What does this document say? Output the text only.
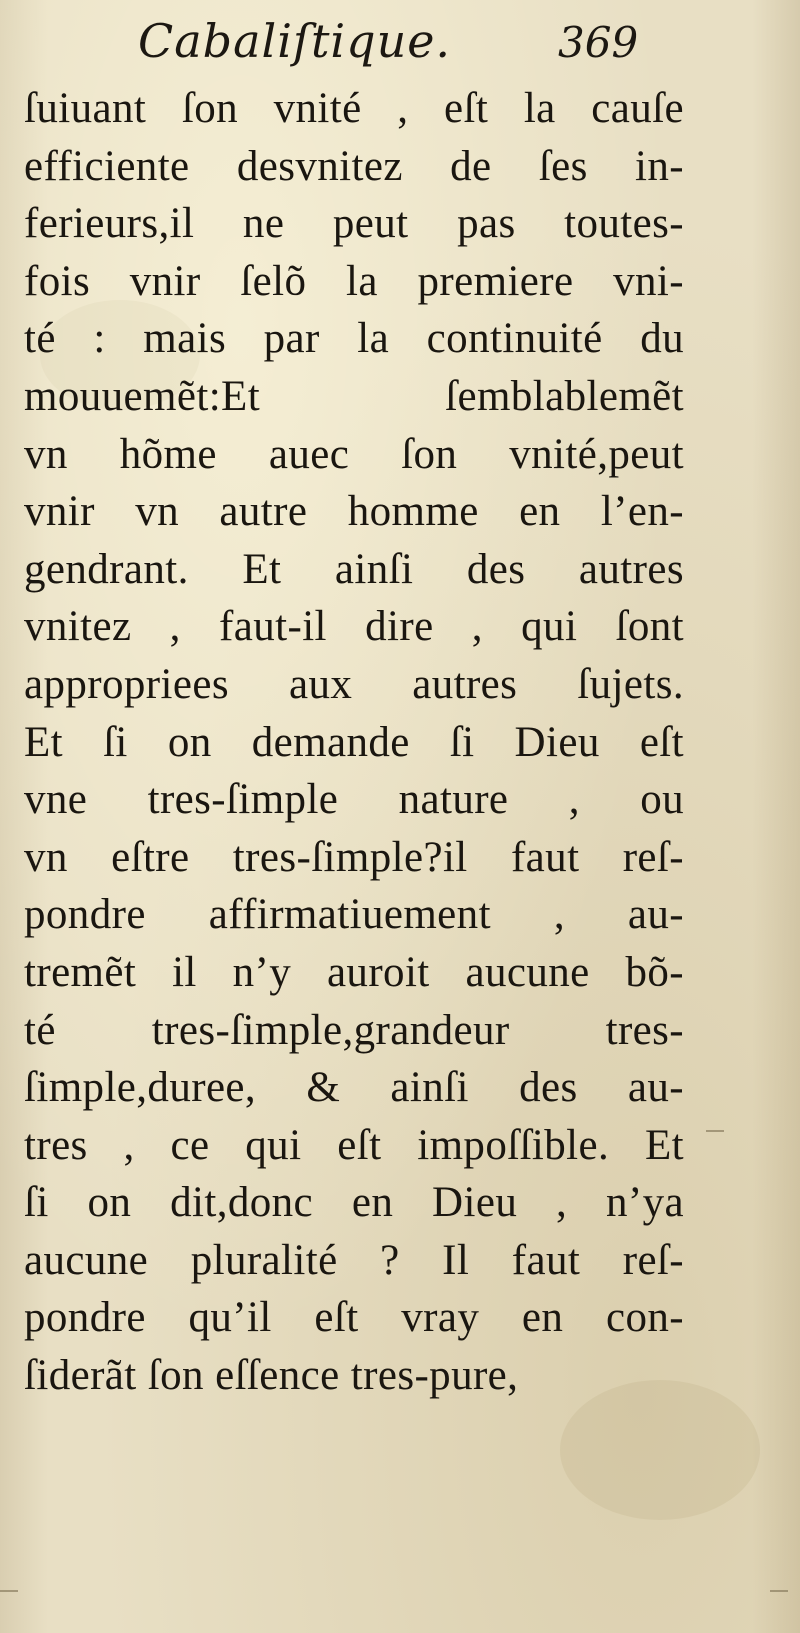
Cabaliſtique.	369
ſuiuant ſon vnité , eſt la cauſe
efficiente desvnitez de ſes in-
ferieurs,il ne peut pas toutes-
fois vnir ſelõ la premiere vni-
té : mais par la continuité du
mouuemẽt:Et ſemblablemẽt
vn hõme auec ſon vnité,peut
vnir vn autre homme en l’en-
gendrant. Et ainſi des autres
vnitez , faut-il dire , qui ſont
appropriees aux autres ſujets.
Et ſi on demande ſi Dieu eſt
vne tres-ſimple nature , ou
vn eſtre tres-ſimple?il faut reſ-
pondre affirmatiuement , au-
tremẽt il n’y auroit aucune bõ-
té tres-ſimple,grandeur tres-
ſimple,duree, & ainſi des au-
tres , ce qui eſt impoſſible. Et
ſi on dit,donc en Dieu , n’ya
aucune pluralité ? Il faut reſ-
pondre qu’il eſt vray en con-
ſiderãt ſon eſſence tres-pure,
